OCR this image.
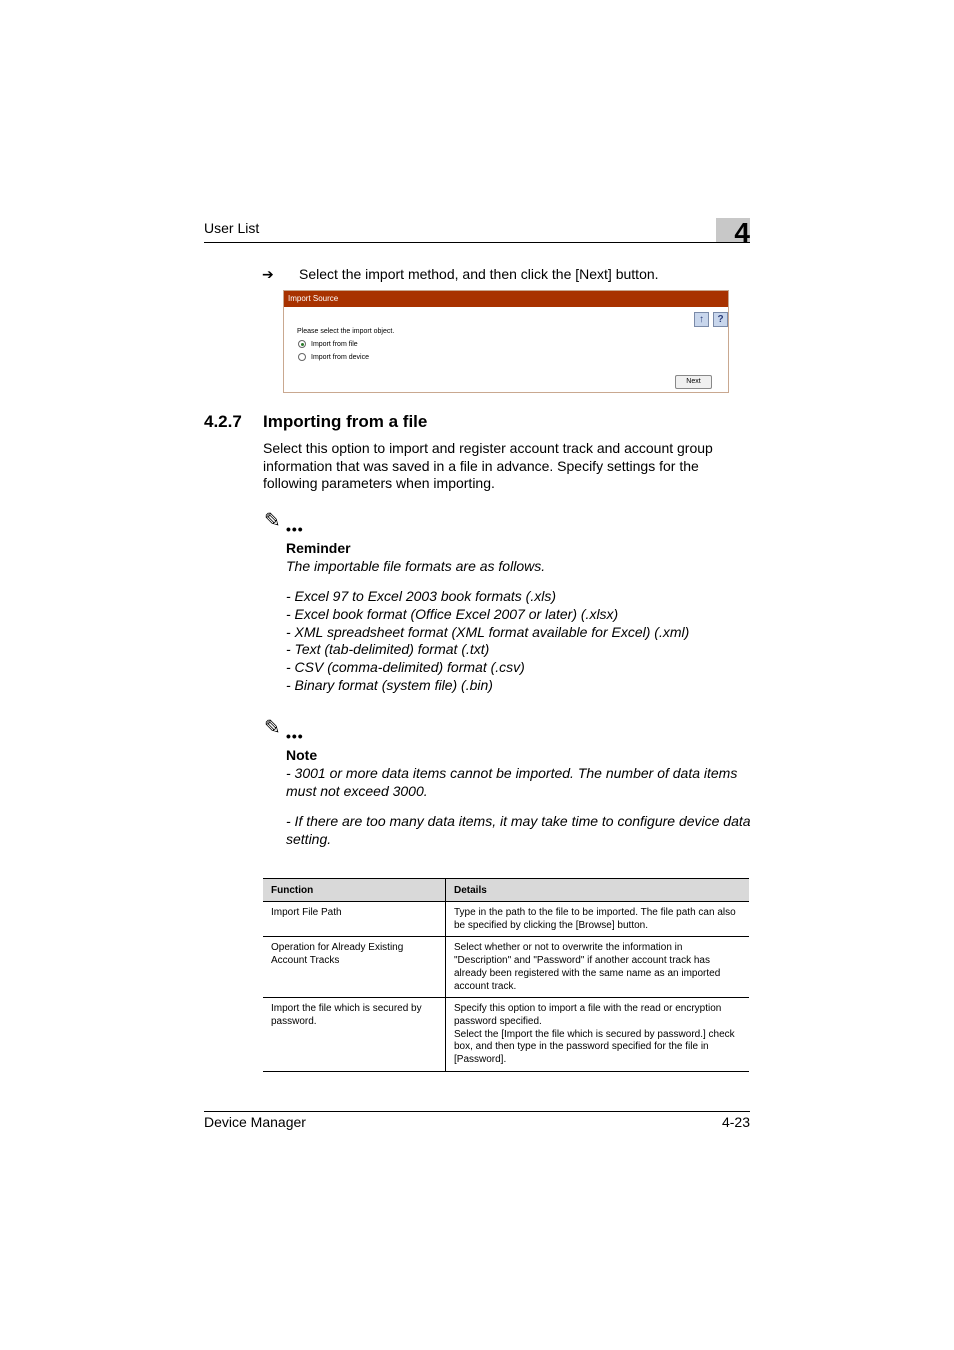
User List	4
➔ Select the import method, and then click the [Next] button.
Import Source
↑	?
Please select the import object.
Import from file
Import from device
Next
4.2.7 Importing from a file
Select this option to import and register account track and account group information that was saved in a file in advance. Specify settings for the following parameters when importing.
✎ •••
Reminder
The importable file formats are as follows.
- Excel 97 to Excel 2003 book formats (.xls)
- Excel book format (Office Excel 2007 or later) (.xlsx)
- XML spreadsheet format (XML format available for Excel) (.xml)
- Text (tab-delimited) format (.txt)
- CSV (comma-delimited) format (.csv)
- Binary format (system file) (.bin)
✎ •••
Note
- 3001 or more data items cannot be imported. The number of data items must not exceed 3000.
- If there are too many data items, it may take time to configure device data setting.
Function	Details
Import File Path	Type in the path to the file to be imported. The file path can also be specified by clicking the [Browse] button.
Operation for Already Existing Account Tracks	Select whether or not to overwrite the information in "Description" and "Password" if another account track has already been registered with the same name as an imported account track.
Import the file which is secured by password.	Specify this option to import a file with the read or encryption password specified.
Select the [Import the file which is secured by password.] check box, and then type in the password specified for the file in [Password].
Device Manager	4-23
